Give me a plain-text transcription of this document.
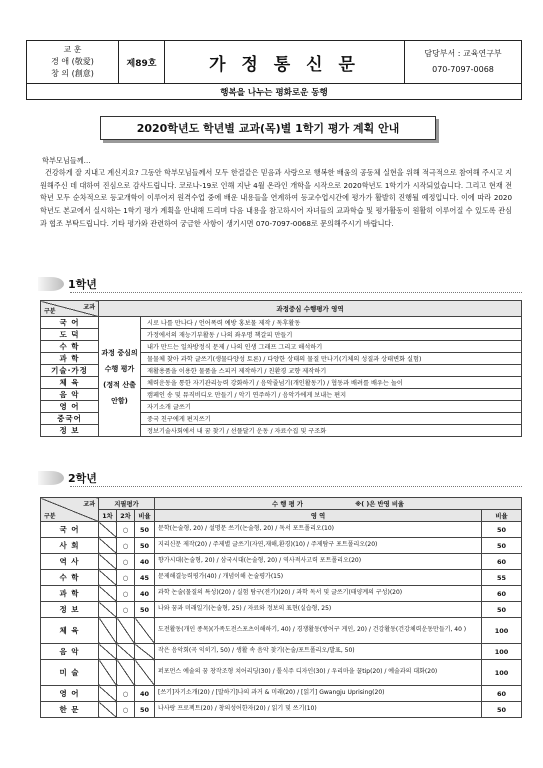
교 훈
경 애 (敬愛)
창 의 (創意)
제89호	가 정 통 신 문
담당부서 : 교육연구부
070-7097-0068
행복을 나누는 평화로운 동행
2020학년도 학년별 교과(목)별 1학기 평가 계획 안내
학부모님들께...

건강하게 잘 지내고 계신지요? 그동안 학부모님들께서 모두 한결같은 믿음과 사랑으로 행복한 배움의 공동체 실현을 위해 적극적으로 참여해 주시고 지원해주신 데 대하여 진심으로 감사드립니다. 코로나-19로 인해 지난 4월 온라인 개학을 시작으로 2020학년도 1학기가 시작되었습니다. 그리고 현재 전 학년 모두 순차적으로 등교개학이 이루어져 원격수업 중에 배운 내용들을 연계하여 등교수업시간에 평가가 활발히 진행될 예정입니다. 이에 따라 2020학년도 본교에서 실시하는 1학기 평가 계획을 안내해 드리며 다음 내용을 참고하시어 자녀들의 교과학습 및 평가활동이 원활히 이루어질 수 있도록 관심과 협조 부탁드립니다. 기타 평가와 관련하여 궁금한 사항이 생기시면 070-7097-0068로 문의해주시기 바랍니다.

1학년
교과
구분	과정중심 수행평가 영역	
국 어	과정 중심의 수행 평가 (정적 산출 안함)	시로 나를 만나다 / 언어폭력 예방 홍보물 제작 / 독후활동
도 덕		가정에서의 재능기부활동 / 나의 좌우명 책갈피 만들기
수 학		내가 만드는 일차방정식 문제 / 나의 인생 그래프 그리고 해석하기
과 학		물물체 찾아 과학 글쓰기(생물다양성 토론) / 다양한 상태의 물질 만나기(기체의 성질과 상태변화 실험)
기술·가정		재활용품을 이용한 물품을 스피커 제작하기 / 친환경 교향 제작하기
체 육		체력운동을 통한 자기관리능력 강화하기 / 음악줄넘기(개인활동기) / 협동과 배려를 배우는 놀이
음 악		캠페인 송 및 뮤직비디오 만들기 / 악기 연주하기 / 음악가에게 보내는 편지
영 어		자기소개 글쓰기
중국어		중국 친구에게 편지쓰기
정 보		정보기술사회에서 내 꿈 찾기 / 선플달기 운동 / 자료수집 및 구조화
2학년
교과
구분	지필평가			수 행 평 가 ※( )은 반영 비율	
	1차	2차	비율	영 역	비율
국 어		○	50	문학(논술형, 20) / 설명문 쓰기(논술형, 20) / 독서 포트폴리오(10)	50
사 회		○	50	지리신문 제작(20) / 주제별 글쓰기(자연,재해,환경)(10) / 주제탐구 포트폴리오(20)	50
역 사		○	40	향가시대(논술형, 20) / 삼국시대(논술형, 20) / 역사적사고력 포트폴리오(20)	60
수 학		○	45	문제해결능력평가(40) / 개념이해 논술평가(15)	55
과 학		○	40	과학 논술(물질의 특성)(20) / 실험 탐구(전기)(20) / 과학 독서 및 글쓰기(태양계의 구성)(20)	60
정 보		○	50	나와 꿈과 미래일기(논술형, 25) / 자료와 정보의 표현(실습형, 25)	50
체 육				도전활동(개인 종목)(가족도전스포츠이해하기, 40) / 경쟁활동(방어구 게인, 20) / 건강활동(건강체력운동만들기, 40 )	100
음 악				작은 음악회(곡 익히기, 50) / 생활 속 음악 찾기(논술/포트폴리오/발표, 50)	100
미 술				퍼포먼스 예술의 꿈 창작조형 치어리딩(30) / 톨식주 디자인(30) / 우리마을 꿀tip(20) / 예술과의 대화(20)	100
영 어		○	40	[쓰기]자기소개(20) / [말하기]나의 과거 & 미래(20) / [읽기] Gwangju Uprising(20)	60
한 문		○	50	나사랑 프로젝트(20) / 창의성어한자(20) / 읽기 및 쓰기(10)	50
